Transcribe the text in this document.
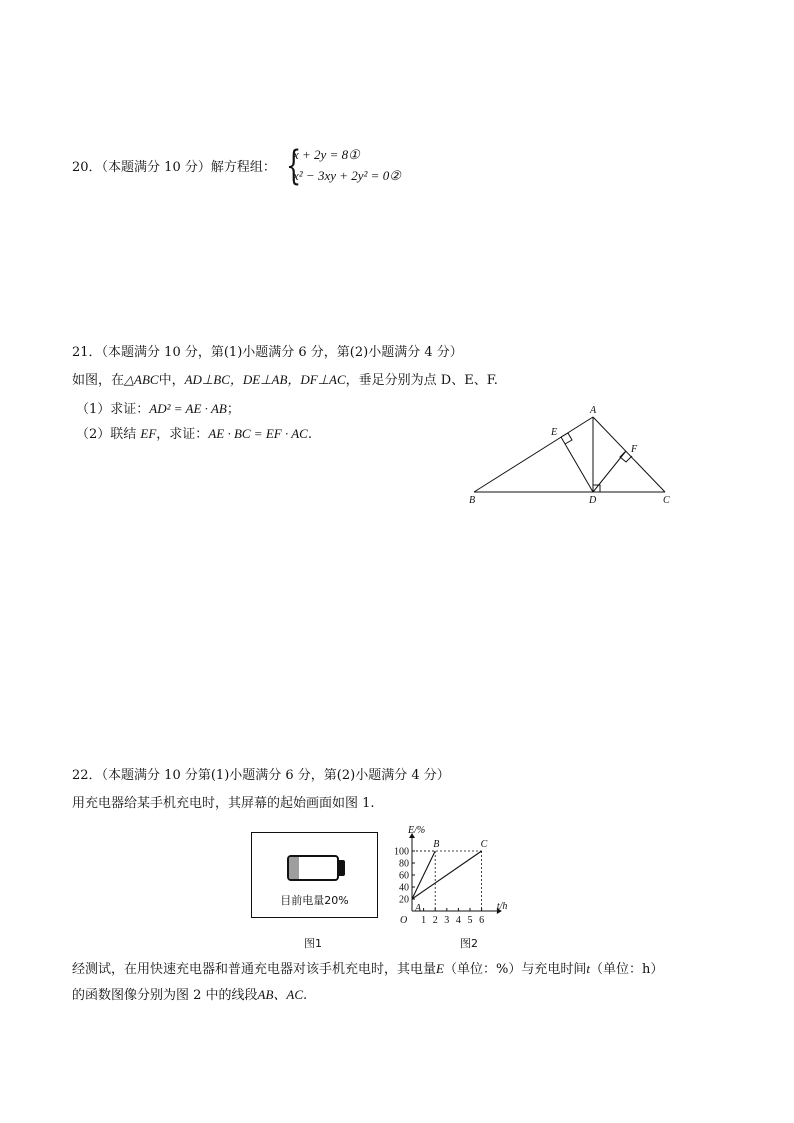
20．（本题满分 10 分）解方程组： {
x + 2y = 8①
x² − 3xy + 2y² = 0②
21．（本题满分 10 分，第(1)小题满分 6 分，第(2)小题满分 4 分）
如图，在△ABC中，AD⊥BC，DE⊥AB，DF⊥AC，垂足分别为点 D、E、F.
（1）求证：AD² = AE · AB；
（2）联结 EF，求证：AE · BC = EF · AC.
A
B	C
D
E
F
22．（本题满分 10 分第(1)小题满分 6 分，第(2)小题满分 4 分）
用充电器给某手机充电时，其屏幕的起始画面如图 1.
目前电量20%
图1
E/%
t/h
O 1 2 3 4 5 6
20
40
60
80
100
A
B	C
图2
经测试，在用快速充电器和普通充电器对该手机充电时，其电量E（单位：%）与充电时间t（单位：h）
的函数图像分别为图 2 中的线段AB、AC.
